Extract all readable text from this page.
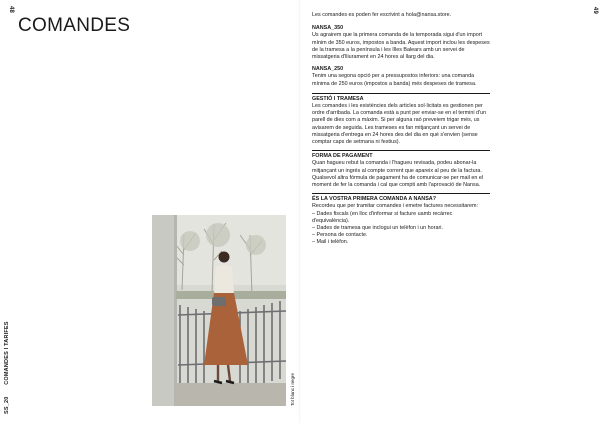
48	49
COMANDES
SS_20 COMANDES I TARIFES
Tot blanc i negre

Les comandes es poden fer escrivint a hola@nansa.store.

NANSA_350

Us agrairem que la primera comanda de la temporada sigui d'un import mínim de 350 euros, impostos a banda. Aquest import inclou les despeses de la tramesa a la península i les Illes Balears amb un servei de missatgeria d'lliurament en 24 hores al llarg del dia.

NANSA_250

Tenim una segona opció per a pressupostos inferiors: una comanda mínima de 250 euros (impostos a banda) més despeses de tramesa.

GESTIÓ I TRAMESA

Les comandes i les existències dels articles sol·licitats es gestionen per ordre d'arribada. La comanda està a punt per enviar-se en el termini d'un parell de dies com a màxim. Si per alguna raó preveiem trigar més, us avisarem de seguida. Les trameses es fan mitjançant un servei de missatgeria d'entrega en 24 hores des del dia en què s'envien (sense comptar caps de setmana ni festius).

FORMA DE PAGAMENT

Quan hagueu rebut la comanda i l'hagueu revisada, podeu abonar-la mitjançant un ingrés al compte corrent que apareix al peu de la factura. Qualsevol altra fórmula de pagament ha de comunicar-se per mail en el moment de fer la comanda i cal que compti amb l'aprovació de Nansa.

ÉS LA VOSTRA PRIMERA COMANDA A NANSA?

Recordeu que per tramitar comandes i emetre factures necessitarem:

– Dades fiscals (en lloc d'informar si facture uamb recàrrec d'equivalència).
– Dades de tramesa que inclogui un telèfon i un horari.
– Persona de contacte.
– Mail i telèfon.
